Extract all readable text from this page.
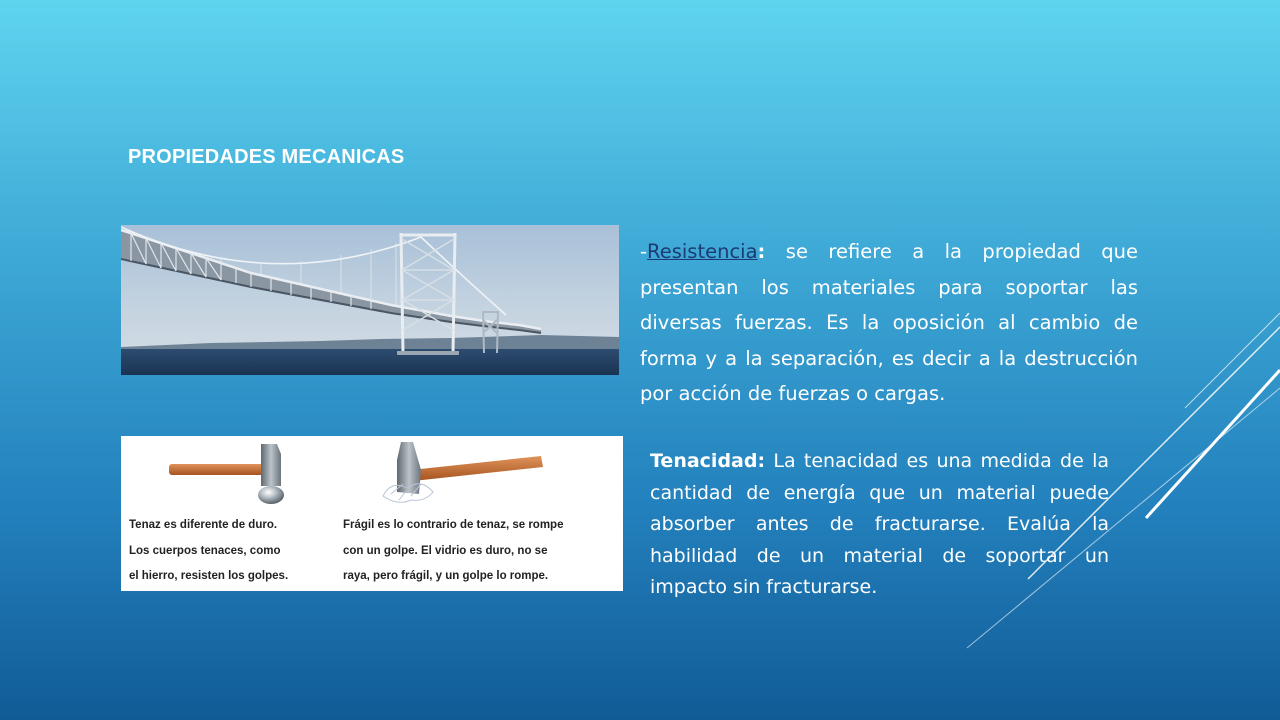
PROPIEDADES MECANICAS
Tenaz es diferente de duro.
Los cuerpos tenaces, como
el hierro, resisten los golpes.
Frágil es lo contrario de tenaz, se rompe
con un golpe. El vidrio es duro, no se
raya, pero frágil, y un golpe lo rompe.
-Resistencia: se refiere a la propiedad que presentan los materiales para soportar las diversas fuerzas. Es la oposición al cambio de forma y a la separación, es decir a la destrucción por acción de fuerzas o cargas.
Tenacidad: La tenacidad es una medida de la cantidad de energía que un material puede absorber antes de fracturarse. Evalúa la habilidad de un material de soportar un impacto sin fracturarse.
